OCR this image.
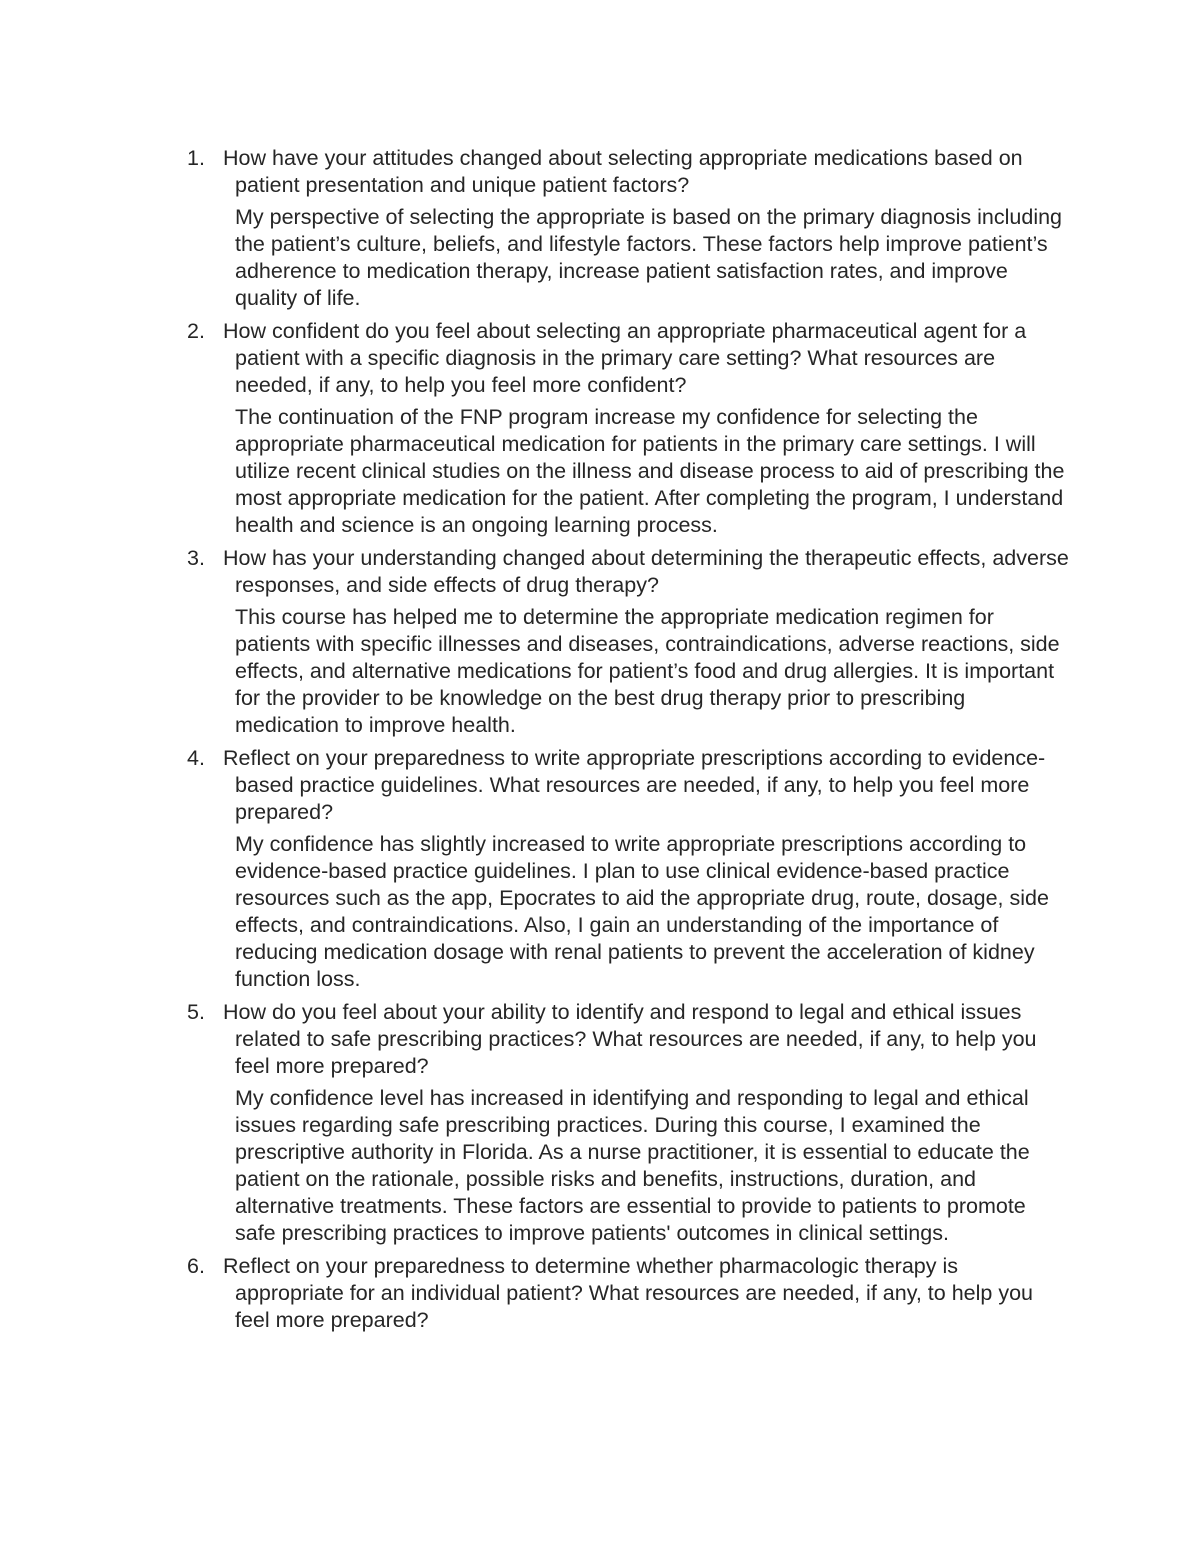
1. How have your attitudes changed about selecting appropriate medications based on patient presentation and unique patient factors?

My perspective of selecting the appropriate is based on the primary diagnosis including the patient’s culture, beliefs, and lifestyle factors. These factors help improve patient’s adherence to medication therapy, increase patient satisfaction rates, and improve quality of life.

2. How confident do you feel about selecting an appropriate pharmaceutical agent for a patient with a specific diagnosis in the primary care setting? What resources are needed, if any, to help you feel more confident?

The continuation of the FNP program increase my confidence for selecting the appropriate pharmaceutical medication for patients in the primary care settings. I will utilize recent clinical studies on the illness and disease process to aid of prescribing the most appropriate medication for the patient. After completing the program, I understand health and science is an ongoing learning process.

3. How has your understanding changed about determining the therapeutic effects, adverse responses, and side effects of drug therapy?

This course has helped me to determine the appropriate medication regimen for patients with specific illnesses and diseases, contraindications, adverse reactions, side effects, and alternative medications for patient’s food and drug allergies. It is important for the provider to be knowledge on the best drug therapy prior to prescribing medication to improve health.

4. Reflect on your preparedness to write appropriate prescriptions according to evidence-based practice guidelines. What resources are needed, if any, to help you feel more prepared?

My confidence has slightly increased to write appropriate prescriptions according to evidence-based practice guidelines. I plan to use clinical evidence-based practice resources such as the app, Epocrates to aid the appropriate drug, route, dosage, side effects, and contraindications. Also, I gain an understanding of the importance of reducing medication dosage with renal patients to prevent the acceleration of kidney function loss.

5. How do you feel about your ability to identify and respond to legal and ethical issues related to safe prescribing practices? What resources are needed, if any, to help you feel more prepared?

My confidence level has increased in identifying and responding to legal and ethical issues regarding safe prescribing practices. During this course, I examined the prescriptive authority in Florida. As a nurse practitioner, it is essential to educate the patient on the rationale, possible risks and benefits, instructions, duration, and alternative treatments. These factors are essential to provide to patients to promote safe prescribing practices to improve patients' outcomes in clinical settings.

6. Reflect on your preparedness to determine whether pharmacologic therapy is appropriate for an individual patient? What resources are needed, if any, to help you feel more prepared?
